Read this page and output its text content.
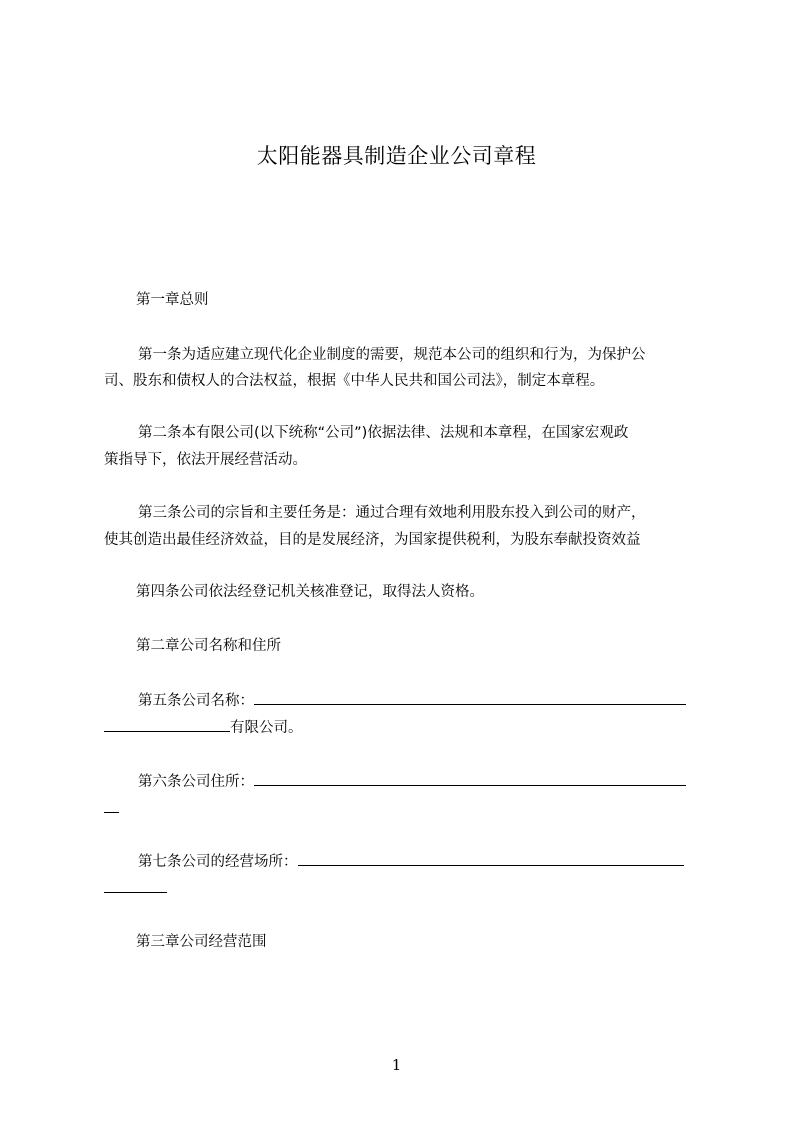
太阳能器具制造企业公司章程
第一章总则
第一条为适应建立现代化企业制度的需要，规范本公司的组织和行为，为保护公
司、股东和债权人的合法权益，根据《中华人民共和国公司法》，制定本章程。
第二条本有限公司(以下统称“公司”)依据法律、法规和本章程，在国家宏观政
策指导下，依法开展经营活动。
第三条公司的宗旨和主要任务是：通过合理有效地利用股东投入到公司的财产，
使其创造出最佳经济效益，目的是发展经济，为国家提供税利，为股东奉献投资效益
第四条公司依法经登记机关核准登记，取得法人资格。
第二章公司名称和住所
第五条公司名称：
有限公司。
第六条公司住所：
第七条公司的经营场所：
第三章公司经营范围
1
